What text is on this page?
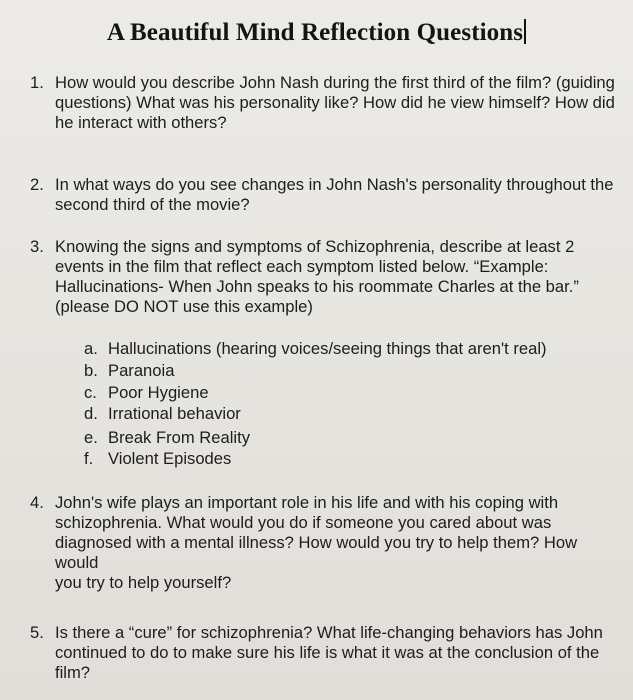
A Beautiful Mind Reflection Questions
1. How would you describe John Nash during the first third of the film? (guiding
questions) What was his personality like? How did he view himself? How did
he interact with others?
2. In what ways do you see changes in John Nash's personality throughout the
second third of the movie?
3. Knowing the signs and symptoms of Schizophrenia, describe at least 2
events in the film that reflect each symptom listed below. “Example:
Hallucinations- When John speaks to his roommate Charles at the bar.”
(please DO NOT use this example)
a. Hallucinations (hearing voices/seeing things that aren't real)
b. Paranoia
c. Poor Hygiene
d. Irrational behavior
e. Break From Reality
f. Violent Episodes
4. John's wife plays an important role in his life and with his coping with
schizophrenia. What would you do if someone you cared about was
diagnosed with a mental illness? How would you try to help them? How would
you try to help yourself?
5. Is there a “cure” for schizophrenia? What life-changing behaviors has John
continued to do to make sure his life is what it was at the conclusion of the
film?
